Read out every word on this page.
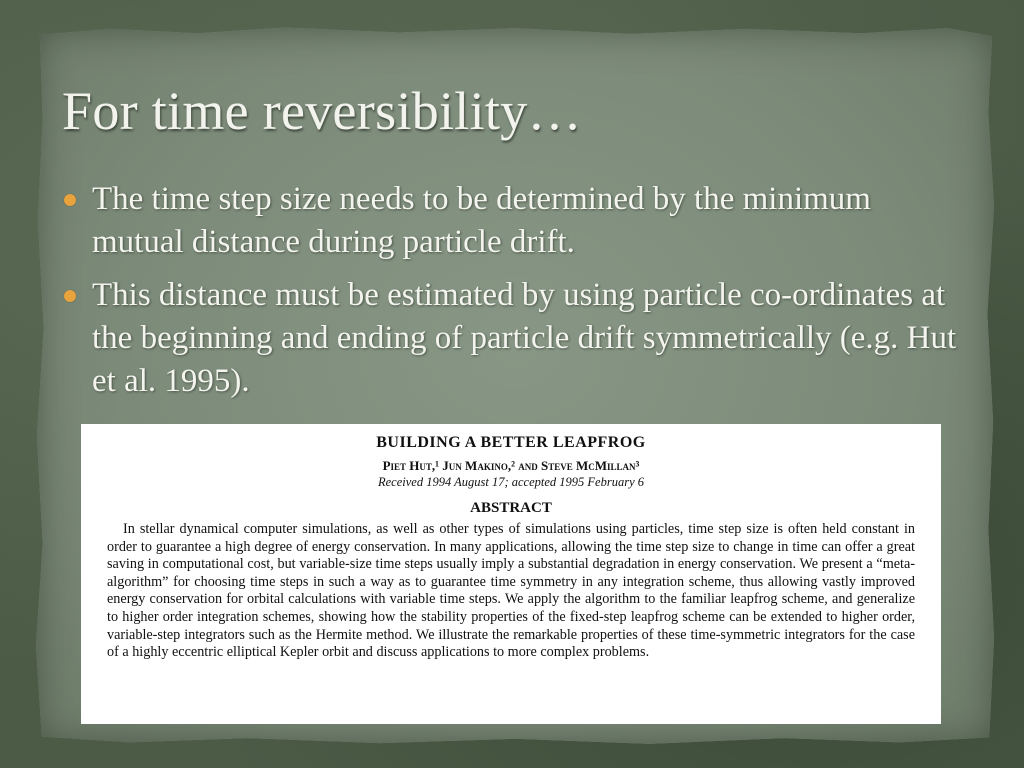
For time reversibility…
The time step size needs to be determined by the minimum mutual distance during particle drift.
This distance must be estimated by using particle co-ordinates at the beginning and ending of particle drift symmetrically (e.g. Hut et al. 1995).
BUILDING A BETTER LEAPFROG
Piet Hut,¹ Jun Makino,² and Steve McMillan³
Received 1994 August 17; accepted 1995 February 6
ABSTRACT

In stellar dynamical computer simulations, as well as other types of simulations using particles, time step size is often held constant in order to guarantee a high degree of energy conservation. In many applications, allowing the time step size to change in time can offer a great saving in computational cost, but variable-size time steps usually imply a substantial degradation in energy conservation. We present a “meta-algorithm” for choosing time steps in such a way as to guarantee time symmetry in any integration scheme, thus allowing vastly improved energy conservation for orbital calculations with variable time steps. We apply the algorithm to the familiar leapfrog scheme, and generalize to higher order integration schemes, showing how the stability properties of the fixed-step leapfrog scheme can be extended to higher order, variable-step integrators such as the Hermite method. We illustrate the remarkable properties of these time-symmetric integrators for the case of a highly eccentric elliptical Kepler orbit and discuss applications to more complex problems.
